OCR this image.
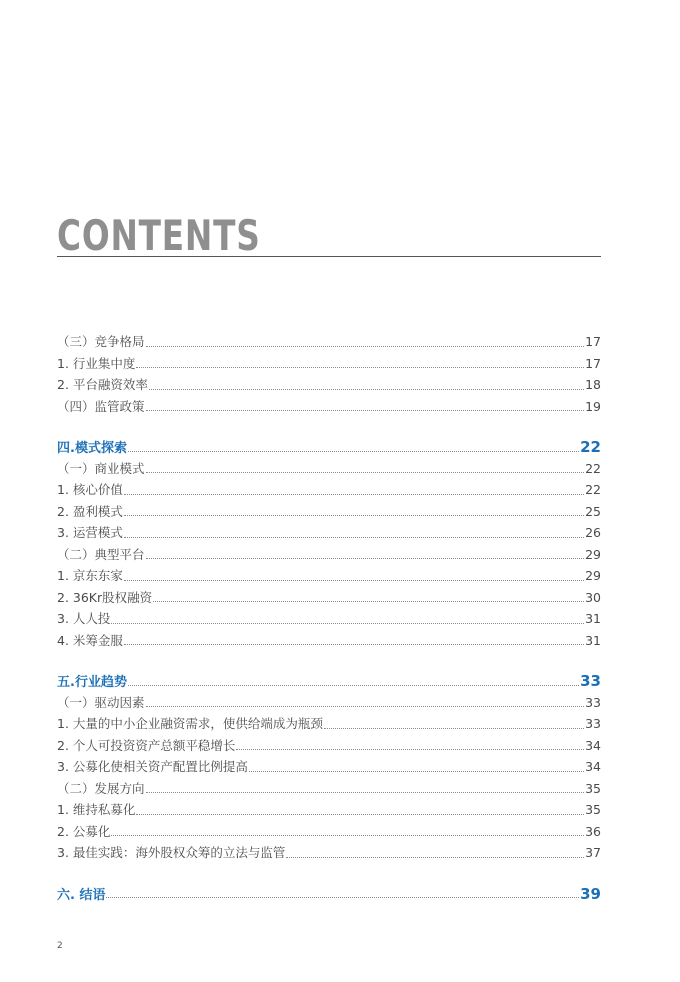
CONTENTS
（三）竞争格局	17
1. 行业集中度	17
2. 平台融资效率	18
（四）监管政策	19
四.模式探索	22
（一）商业模式	22
1. 核心价值	22
2. 盈利模式	25
3. 运营模式	26
（二）典型平台	29
1. 京东东家	29
2. 36Kr股权融资	30
3. 人人投	31
4. 米筹金服	31
五.行业趋势	33
（一）驱动因素	33
1. 大量的中小企业融资需求，使供给端成为瓶颈	33
2. 个人可投资资产总额平稳增长	34
3. 公募化使相关资产配置比例提高	34
（二）发展方向	35
1. 维持私募化	35
2. 公募化	36
3. 最佳实践：海外股权众筹的立法与监管	37
六. 结语	39
2
